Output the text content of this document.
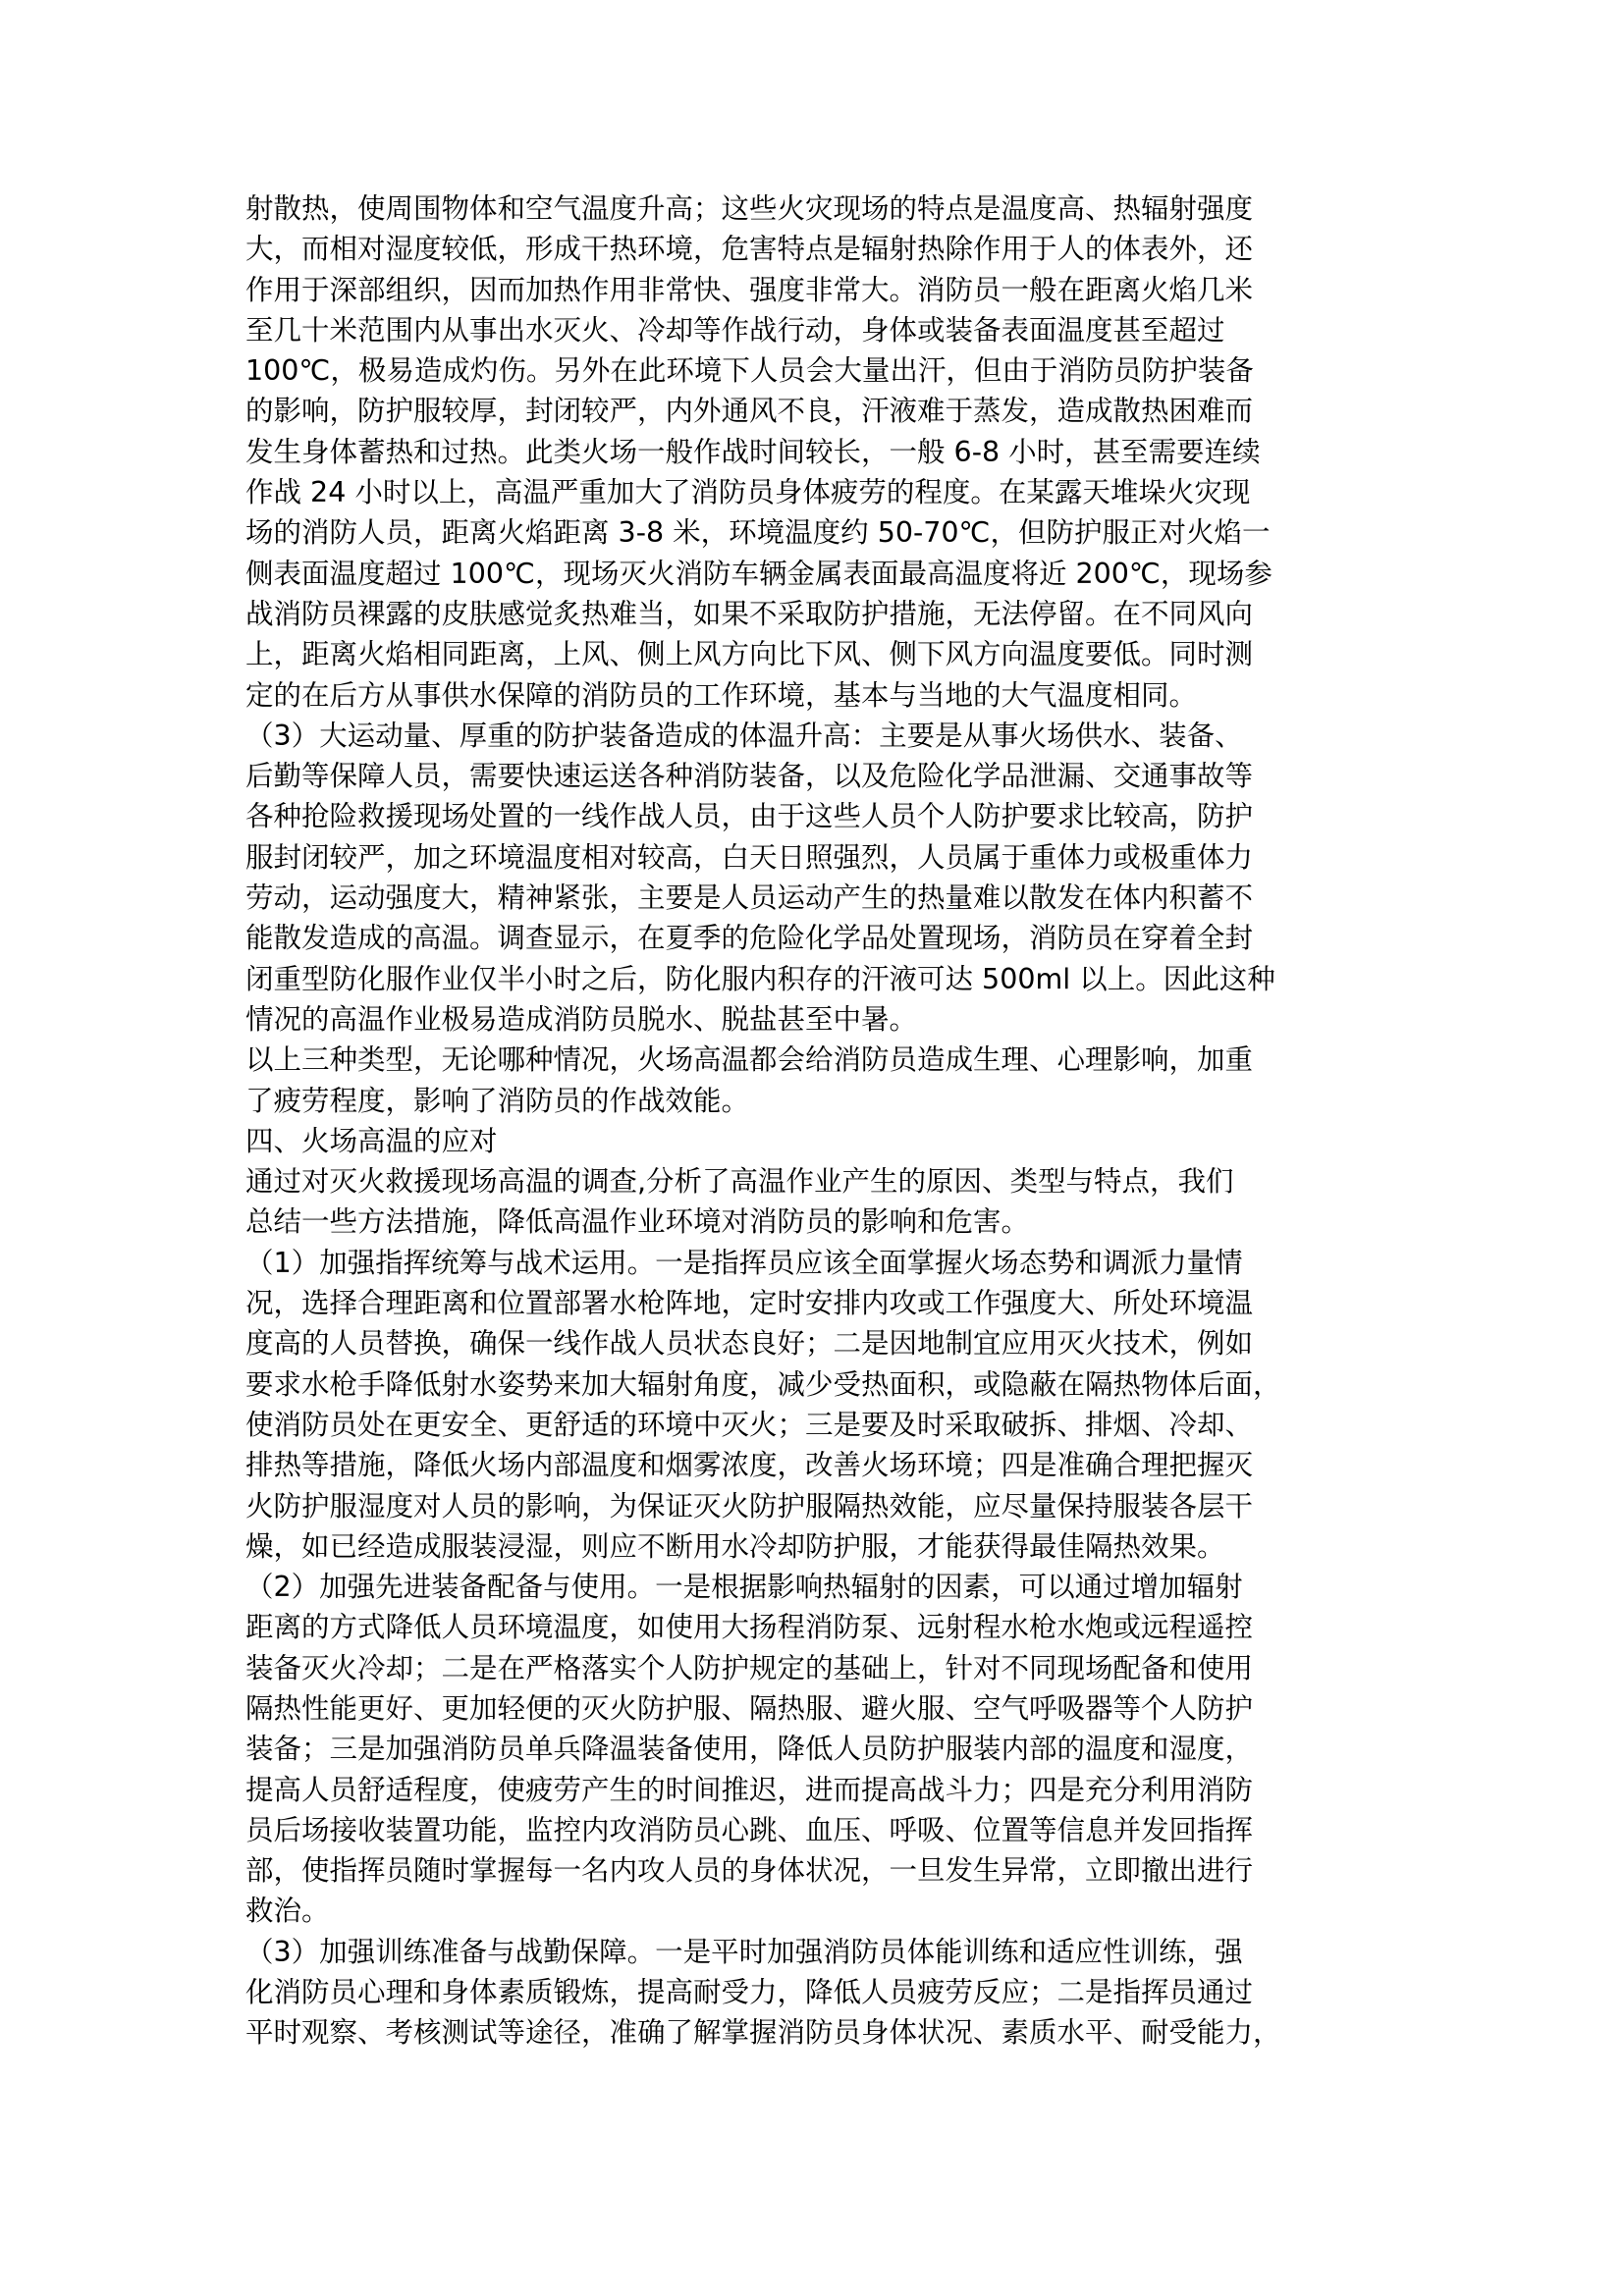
射散热，使周围物体和空气温度升高；这些火灾现场的特点是温度高、热辐射强度
大，而相对湿度较低，形成干热环境，危害特点是辐射热除作用于人的体表外，还
作用于深部组织，因而加热作用非常快、强度非常大。消防员一般在距离火焰几米
至几十米范围内从事出水灭火、冷却等作战行动，身体或装备表面温度甚至超过
100℃，极易造成灼伤。另外在此环境下人员会大量出汗，但由于消防员防护装备
的影响，防护服较厚，封闭较严，内外通风不良，汗液难于蒸发，造成散热困难而
发生身体蓄热和过热。此类火场一般作战时间较长，一般 6-8 小时，甚至需要连续
作战 24 小时以上，高温严重加大了消防员身体疲劳的程度。在某露天堆垛火灾现
场的消防人员，距离火焰距离 3-8 米，环境温度约 50-70℃，但防护服正对火焰一
侧表面温度超过 100℃，现场灭火消防车辆金属表面最高温度将近 200℃，现场参
战消防员裸露的皮肤感觉炙热难当，如果不采取防护措施，无法停留。在不同风向
上，距离火焰相同距离，上风、侧上风方向比下风、侧下风方向温度要低。同时测
定的在后方从事供水保障的消防员的工作环境，基本与当地的大气温度相同。
（3）大运动量、厚重的防护装备造成的体温升高：主要是从事火场供水、装备、
后勤等保障人员，需要快速运送各种消防装备，以及危险化学品泄漏、交通事故等
各种抢险救援现场处置的一线作战人员，由于这些人员个人防护要求比较高，防护
服封闭较严，加之环境温度相对较高，白天日照强烈，人员属于重体力或极重体力
劳动，运动强度大，精神紧张，主要是人员运动产生的热量难以散发在体内积蓄不
能散发造成的高温。调查显示，在夏季的危险化学品处置现场，消防员在穿着全封
闭重型防化服作业仅半小时之后，防化服内积存的汗液可达 500ml 以上。因此这种
情况的高温作业极易造成消防员脱水、脱盐甚至中暑。
以上三种类型，无论哪种情况，火场高温都会给消防员造成生理、心理影响，加重
了疲劳程度，影响了消防员的作战效能。
四、火场高温的应对
通过对灭火救援现场高温的调查,分析了高温作业产生的原因、类型与特点，我们
总结一些方法措施，降低高温作业环境对消防员的影响和危害。
（1）加强指挥统筹与战术运用。一是指挥员应该全面掌握火场态势和调派力量情
况，选择合理距离和位置部署水枪阵地，定时安排内攻或工作强度大、所处环境温
度高的人员替换，确保一线作战人员状态良好；二是因地制宜应用灭火技术，例如
要求水枪手降低射水姿势来加大辐射角度，减少受热面积，或隐蔽在隔热物体后面，
使消防员处在更安全、更舒适的环境中灭火；三是要及时采取破拆、排烟、冷却、
排热等措施，降低火场内部温度和烟雾浓度，改善火场环境；四是准确合理把握灭
火防护服湿度对人员的影响，为保证灭火防护服隔热效能，应尽量保持服装各层干
燥，如已经造成服装浸湿，则应不断用水冷却防护服，才能获得最佳隔热效果。
（2）加强先进装备配备与使用。一是根据影响热辐射的因素，可以通过增加辐射
距离的方式降低人员环境温度，如使用大扬程消防泵、远射程水枪水炮或远程遥控
装备灭火冷却；二是在严格落实个人防护规定的基础上，针对不同现场配备和使用
隔热性能更好、更加轻便的灭火防护服、隔热服、避火服、空气呼吸器等个人防护
装备；三是加强消防员单兵降温装备使用，降低人员防护服装内部的温度和湿度，
提高人员舒适程度，使疲劳产生的时间推迟，进而提高战斗力；四是充分利用消防
员后场接收装置功能，监控内攻消防员心跳、血压、呼吸、位置等信息并发回指挥
部，使指挥员随时掌握每一名内攻人员的身体状况，一旦发生异常，立即撤出进行
救治。
（3）加强训练准备与战勤保障。一是平时加强消防员体能训练和适应性训练，强
化消防员心理和身体素质锻炼，提高耐受力，降低人员疲劳反应；二是指挥员通过
平时观察、考核测试等途径，准确了解掌握消防员身体状况、素质水平、耐受能力，
